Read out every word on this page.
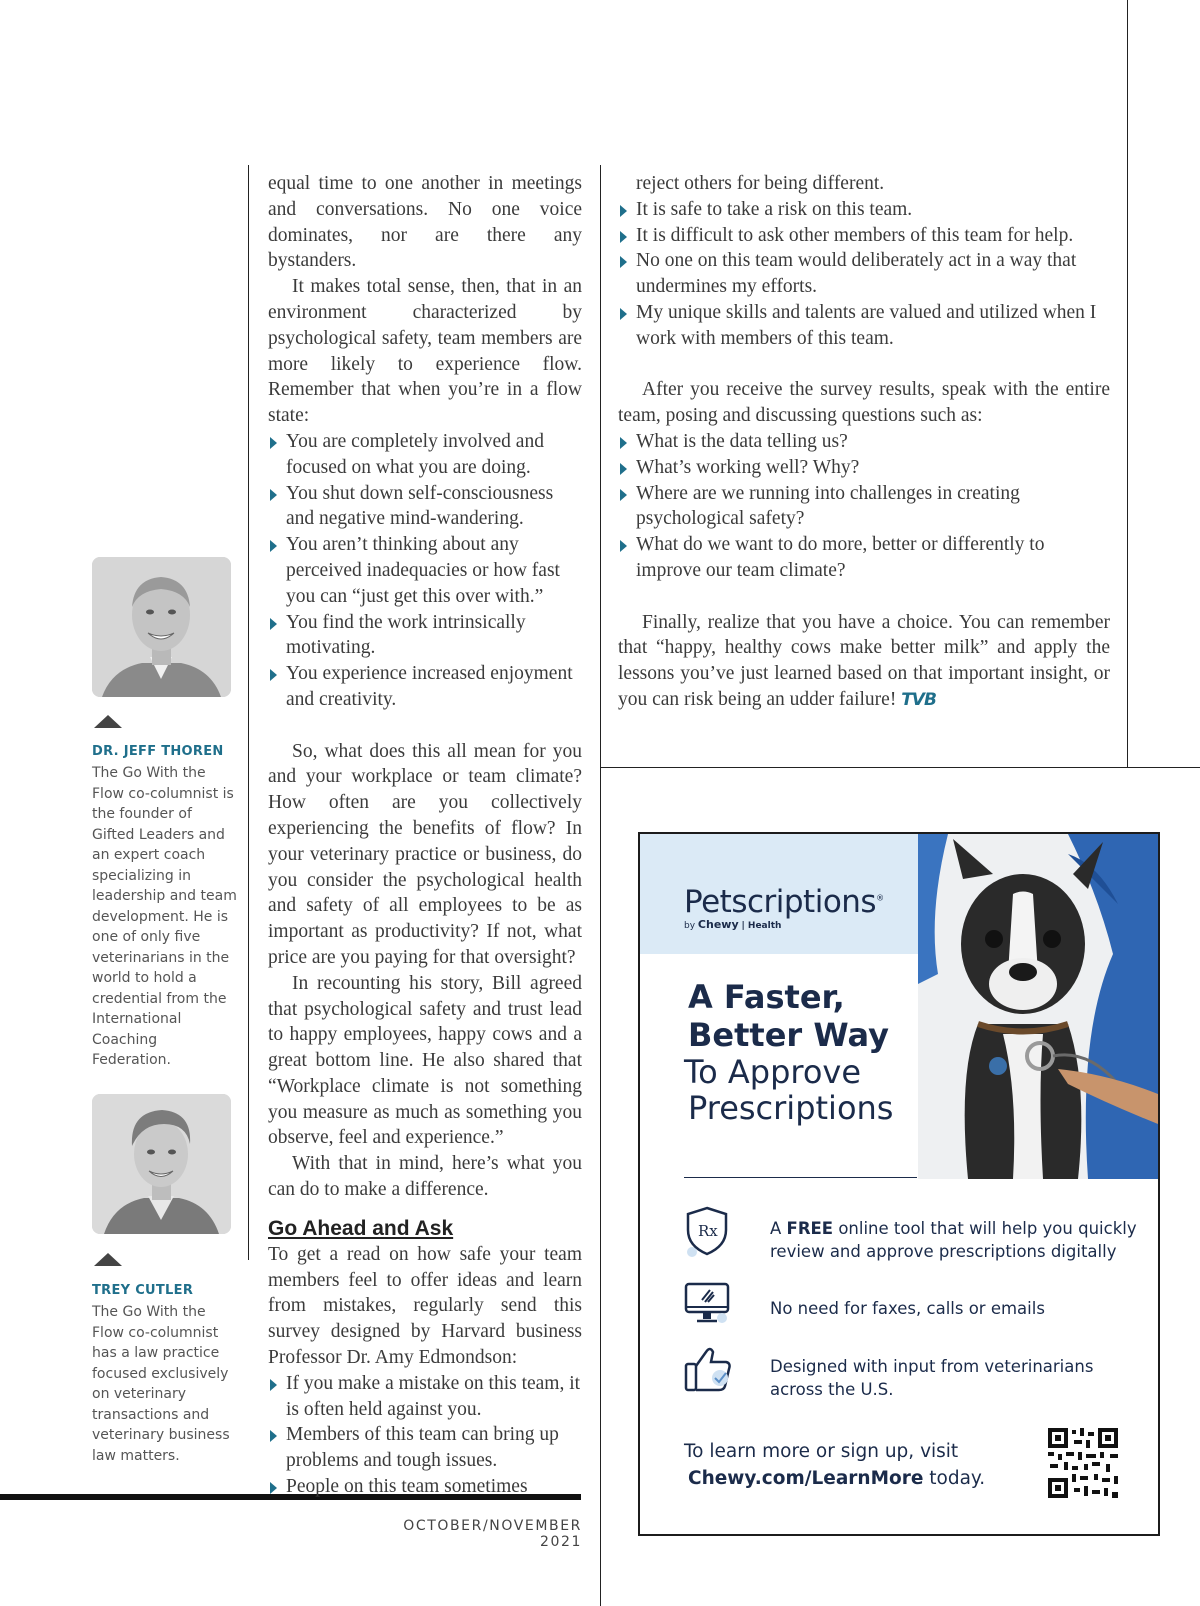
DR. JEFF THOREN
The Go With the Flow co-columnist is the founder of Gifted Leaders and an expert coach specializing in leadership and team development. He is one of only five veterinarians in the world to hold a credential from the International Coaching Federation.
TREY CUTLER
The Go With the Flow co-columnist has a law practice focused exclusively on veterinary transactions and veterinary business law matters.

equal time to one another in meetings and conversations. No one voice dominates, nor are there any bystanders.

It makes total sense, then, that in an environment characterized by psychological safety, team members are more likely to experience flow. Remember that when you’re in a flow state:

You are completely involved and focused on what you are doing.
You shut down self-consciousness and negative mind-wandering.
You aren’t thinking about any perceived inadequacies or how fast you can “just get this over with.”
You find the work intrinsically motivating.
You experience increased enjoyment and creativity.

So, what does this all mean for you and your workplace or team climate? How often are you collectively experiencing the benefits of flow? In your veterinary practice or business, do you consider the psychological health and safety of all employees to be as important as productivity? If not, what price are you paying for that oversight?

In recounting his story, Bill agreed that psychological safety and trust lead to happy employees, happy cows and a great bottom line. He also shared that “Workplace climate is not something you measure as much as something you observe, feel and experience.”

With that in mind, here’s what you can do to make a difference.

Go Ahead and Ask

To get a read on how safe your team members feel to offer ideas and learn from mistakes, regularly send this survey designed by Harvard business Professor Dr. Amy Edmondson:

If you make a mistake on this team, it is often held against you.
Members of this team can bring up problems and tough issues.
People on this team sometimes

reject others for being different.

It is safe to take a risk on this team.
It is difficult to ask other members of this team for help.
No one on this team would deliberately act in a way that undermines my efforts.
My unique skills and talents are valued and utilized when I work with members of this team.

After you receive the survey results, speak with the entire team, posing and discussing questions such as:

What is the data telling us?
What’s working well? Why?
Where are we running into challenges in creating psychological safety?
What do we want to do more, better or differently to improve our team climate?

Finally, realize that you have a choice. You can remember that “happy, healthy cows make better milk” and apply the lessons you’ve just learned based on that important insight, or you can risk being an udder failure! TVB

OCTOBER/NOVEMBER 2021
Petscriptions®
by Chewy | Health
A Faster,
Better Way
To Approve
Prescriptions
Rx	A FREE online tool that will help you quickly review and approve prescriptions digitally
No need for faxes, calls or emails
Designed with input from veterinarians across the U.S.
To learn more or sign up, visit
Chewy.com/LearnMore today.
